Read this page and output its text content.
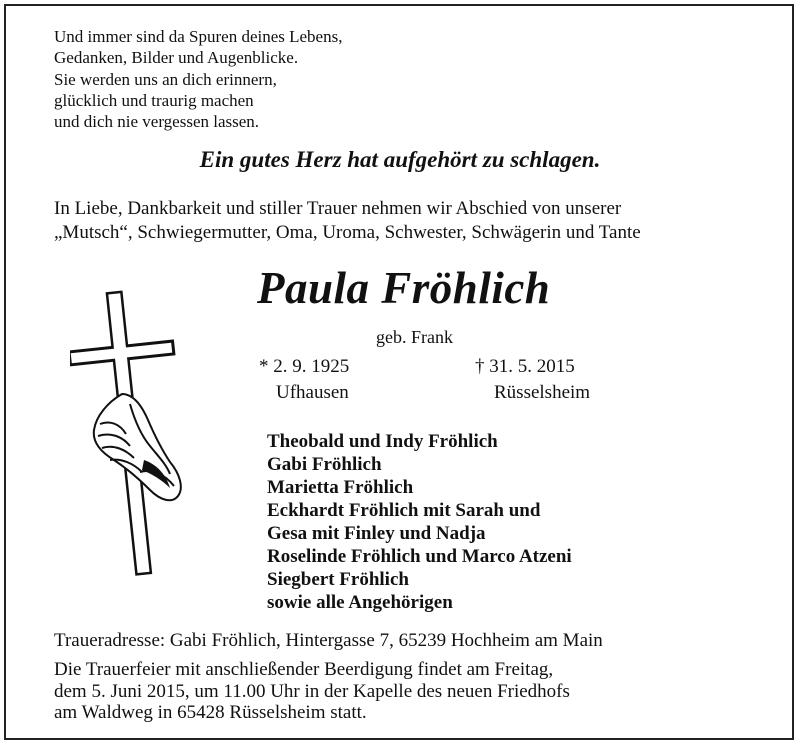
Und immer sind da Spuren deines Lebens,
Gedanken, Bilder und Augenblicke.
Sie werden uns an dich erinnern,
glücklich und traurig machen
und dich nie vergessen lassen.
Ein gutes Herz hat aufgehört zu schlagen.
In Liebe, Dankbarkeit und stiller Trauer nehmen wir Abschied von unserer
„Mutsch“, Schwiegermutter, Oma, Uroma, Schwester, Schwägerin und Tante
Paula Fröhlich
geb. Frank
* 2. 9. 1925	† 31. 5. 2015
Ufhausen	Rüsselsheim
Theobald und Indy Fröhlich
Gabi Fröhlich
Marietta Fröhlich
Eckhardt Fröhlich mit Sarah und
Gesa mit Finley und Nadja
Roselinde Fröhlich und Marco Atzeni
Siegbert Fröhlich
sowie alle Angehörigen
Traueradresse: Gabi Fröhlich, Hintergasse 7, 65239 Hochheim am Main
Die Trauerfeier mit anschließender Beerdigung findet am Freitag,
dem 5. Juni 2015, um 11.00 Uhr in der Kapelle des neuen Friedhofs
am Waldweg in 65428 Rüsselsheim statt.
